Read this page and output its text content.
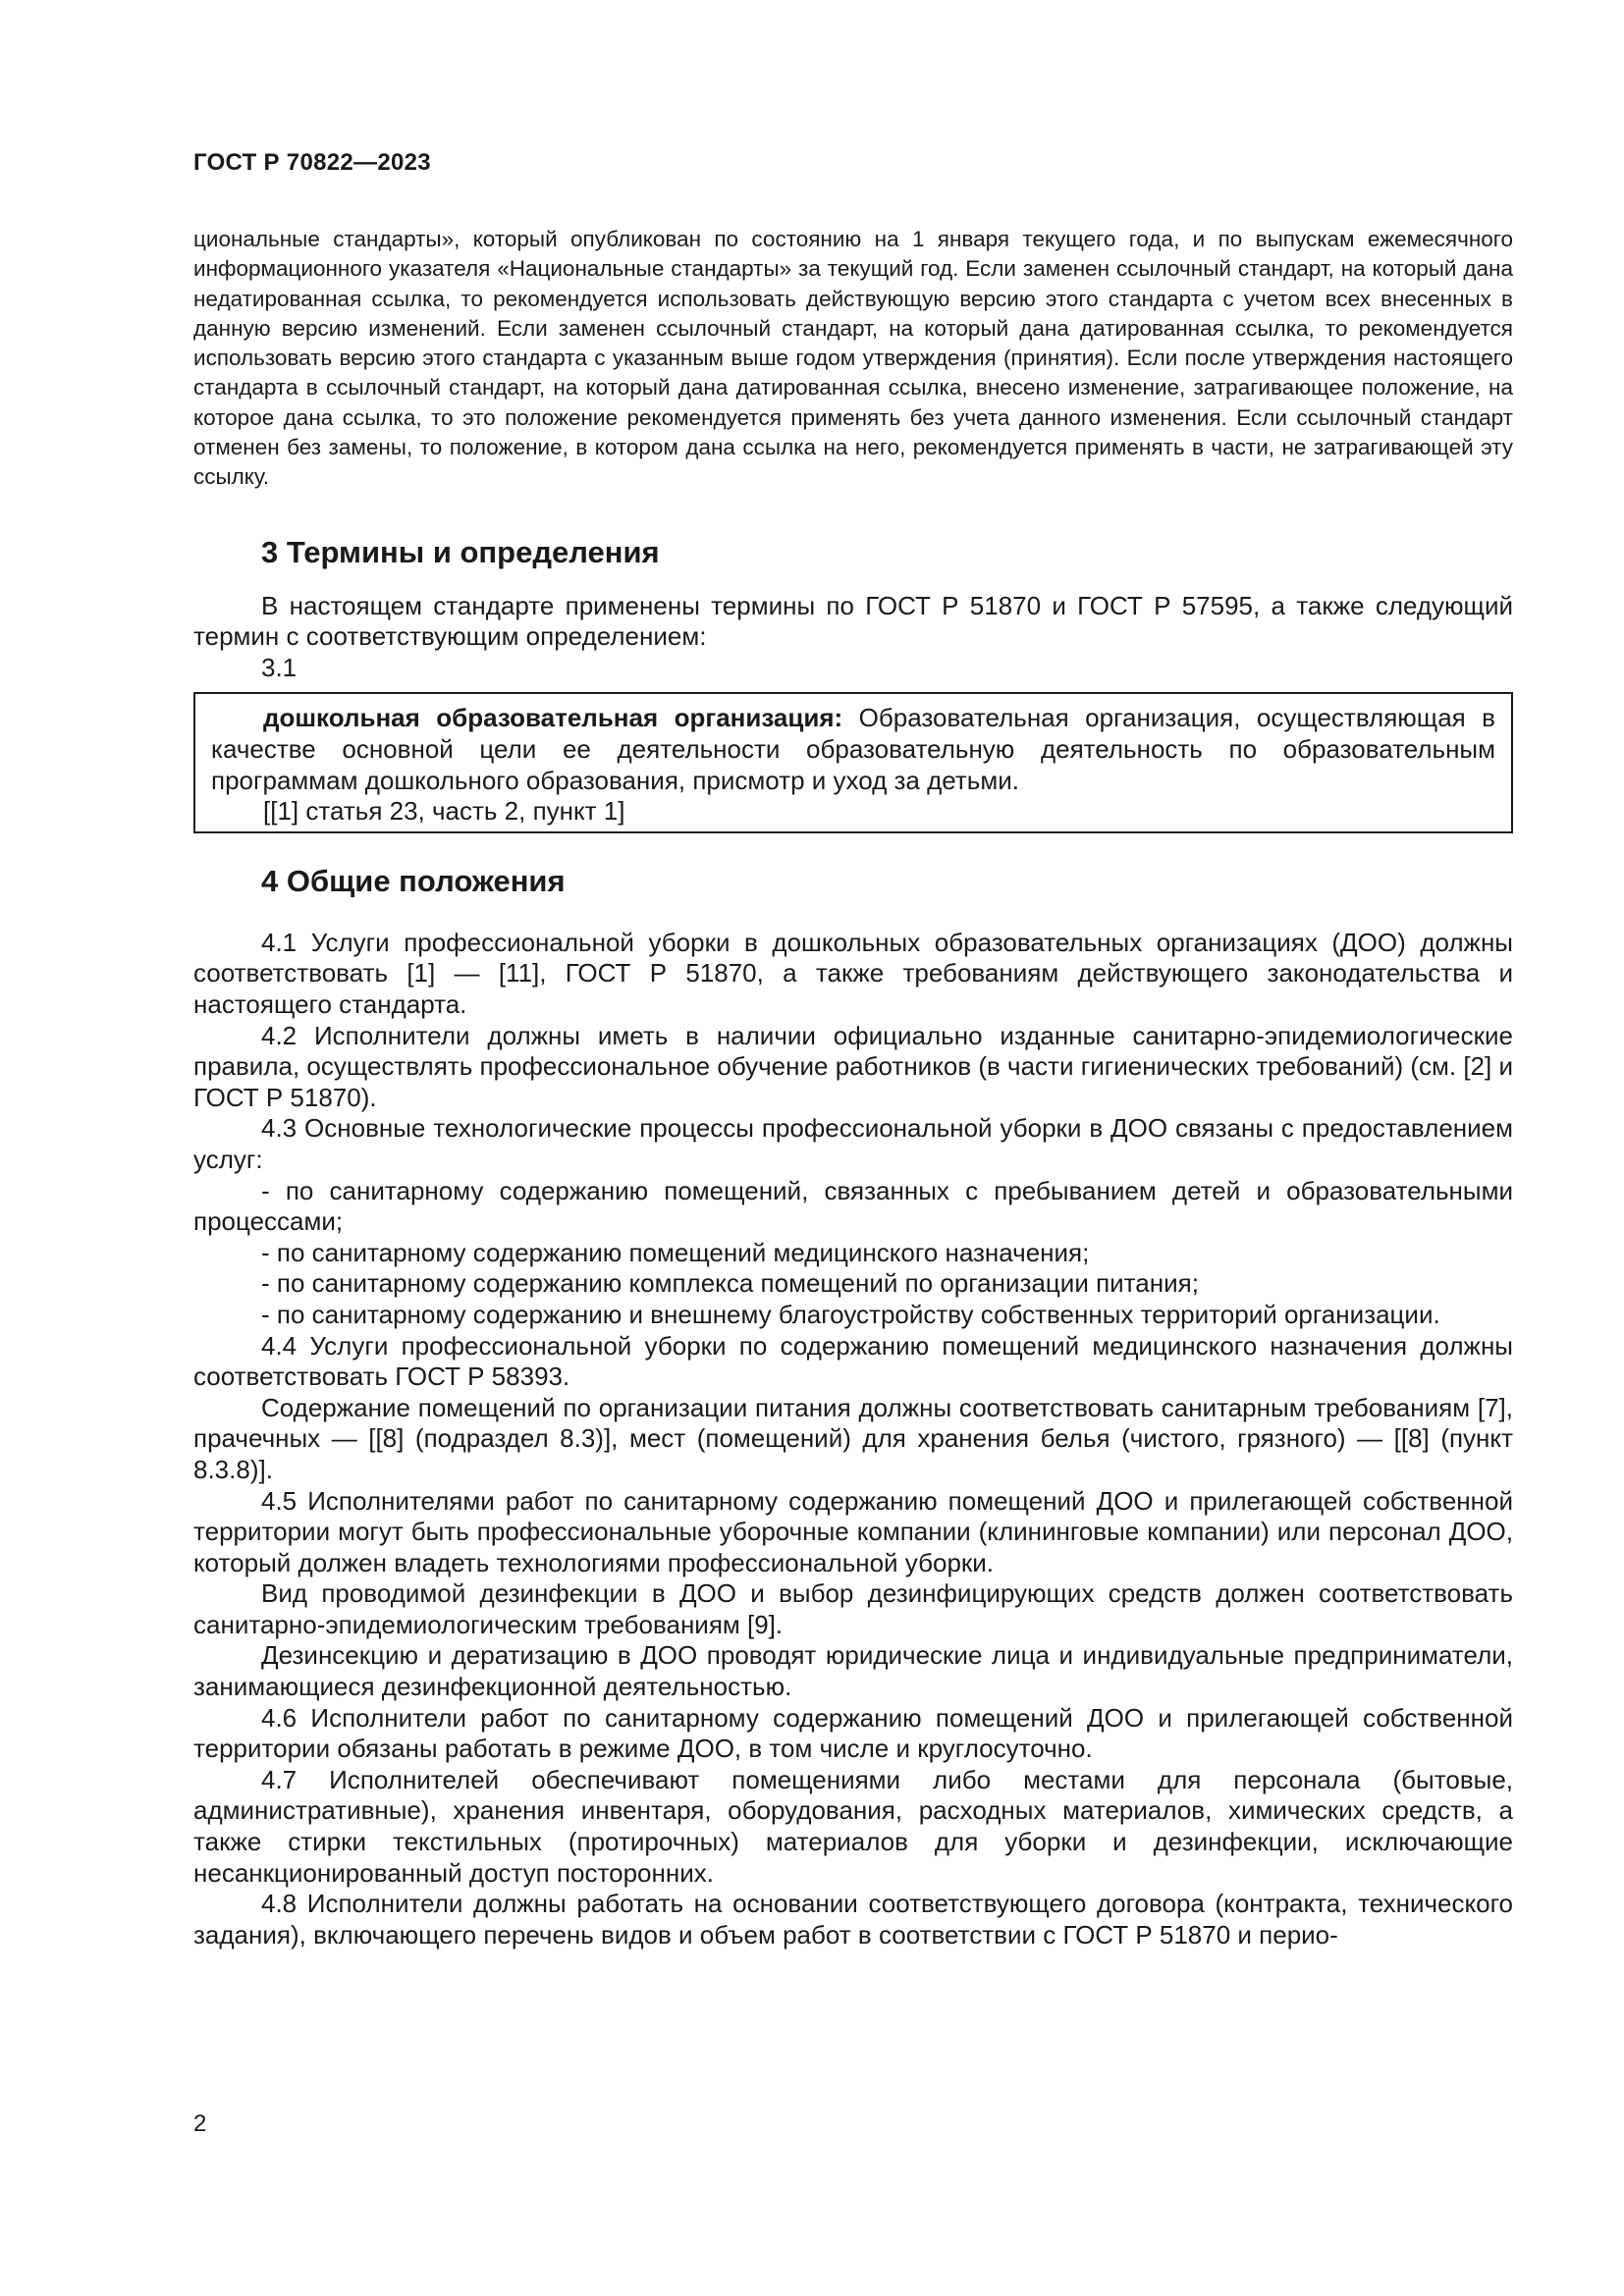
ГОСТ Р 70822—2023

циональные стандарты», который опубликован по состоянию на 1 января текущего года, и по выпускам ежемесячного информационного указателя «Национальные стандарты» за текущий год. Если заменен ссылочный стандарт, на который дана недатированная ссылка, то рекомендуется использовать действующую версию этого стандарта с учетом всех внесенных в данную версию изменений. Если заменен ссылочный стандарт, на который дана датированная ссылка, то рекомендуется использовать версию этого стандарта с указанным выше годом утверждения (принятия). Если после утверждения настоящего стандарта в ссылочный стандарт, на который дана датированная ссылка, внесено изменение, затрагивающее положение, на которое дана ссылка, то это положение рекомендуется применять без учета данного изменения. Если ссылочный стандарт отменен без замены, то положение, в котором дана ссылка на него, рекомендуется применять в части, не затрагивающей эту ссылку.

3 Термины и определения

В настоящем стандарте применены термины по ГОСТ Р 51870 и ГОСТ Р 57595, а также следующий термин с соответствующим определением:

3.1

дошкольная образовательная организация: Образовательная организация, осуществляющая в качестве основной цели ее деятельности образовательную деятельность по образовательным программам дошкольного образования, присмотр и уход за детьми.

[[1] статья 23, часть 2, пункт 1]

4 Общие положения

4.1 Услуги профессиональной уборки в дошкольных образовательных организациях (ДОО) должны соответствовать [1] — [11], ГОСТ Р 51870, а также требованиям действующего законодательства и настоящего стандарта.

4.2 Исполнители должны иметь в наличии официально изданные санитарно-эпидемиологические правила, осуществлять профессиональное обучение работников (в части гигиенических требований) (см. [2] и ГОСТ Р 51870).

4.3 Основные технологические процессы профессиональной уборки в ДОО связаны с предоставлением услуг:

- по санитарному содержанию помещений, связанных с пребыванием детей и образовательными процессами;

- по санитарному содержанию помещений медицинского назначения;

- по санитарному содержанию комплекса помещений по организации питания;

- по санитарному содержанию и внешнему благоустройству собственных территорий организации.

4.4 Услуги профессиональной уборки по содержанию помещений медицинского назначения должны соответствовать ГОСТ Р 58393.

Содержание помещений по организации питания должны соответствовать санитарным требованиям [7], прачечных — [[8] (подраздел 8.3)], мест (помещений) для хранения белья (чистого, грязного) — [[8] (пункт 8.3.8)].

4.5 Исполнителями работ по санитарному содержанию помещений ДОО и прилегающей собственной территории могут быть профессиональные уборочные компании (клининговые компании) или персонал ДОО, который должен владеть технологиями профессиональной уборки.

Вид проводимой дезинфекции в ДОО и выбор дезинфицирующих средств должен соответствовать санитарно-эпидемиологическим требованиям [9].

Дезинсекцию и дератизацию в ДОО проводят юридические лица и индивидуальные предприниматели, занимающиеся дезинфекционной деятельностью.

4.6 Исполнители работ по санитарному содержанию помещений ДОО и прилегающей собственной территории обязаны работать в режиме ДОО, в том числе и круглосуточно.

4.7 Исполнителей обеспечивают помещениями либо местами для персонала (бытовые, административные), хранения инвентаря, оборудования, расходных материалов, химических средств, а также стирки текстильных (протирочных) материалов для уборки и дезинфекции, исключающие несанкционированный доступ посторонних.

4.8 Исполнители должны работать на основании соответствующего договора (контракта, технического задания), включающего перечень видов и объем работ в соответствии с ГОСТ Р 51870 и перио-

2
